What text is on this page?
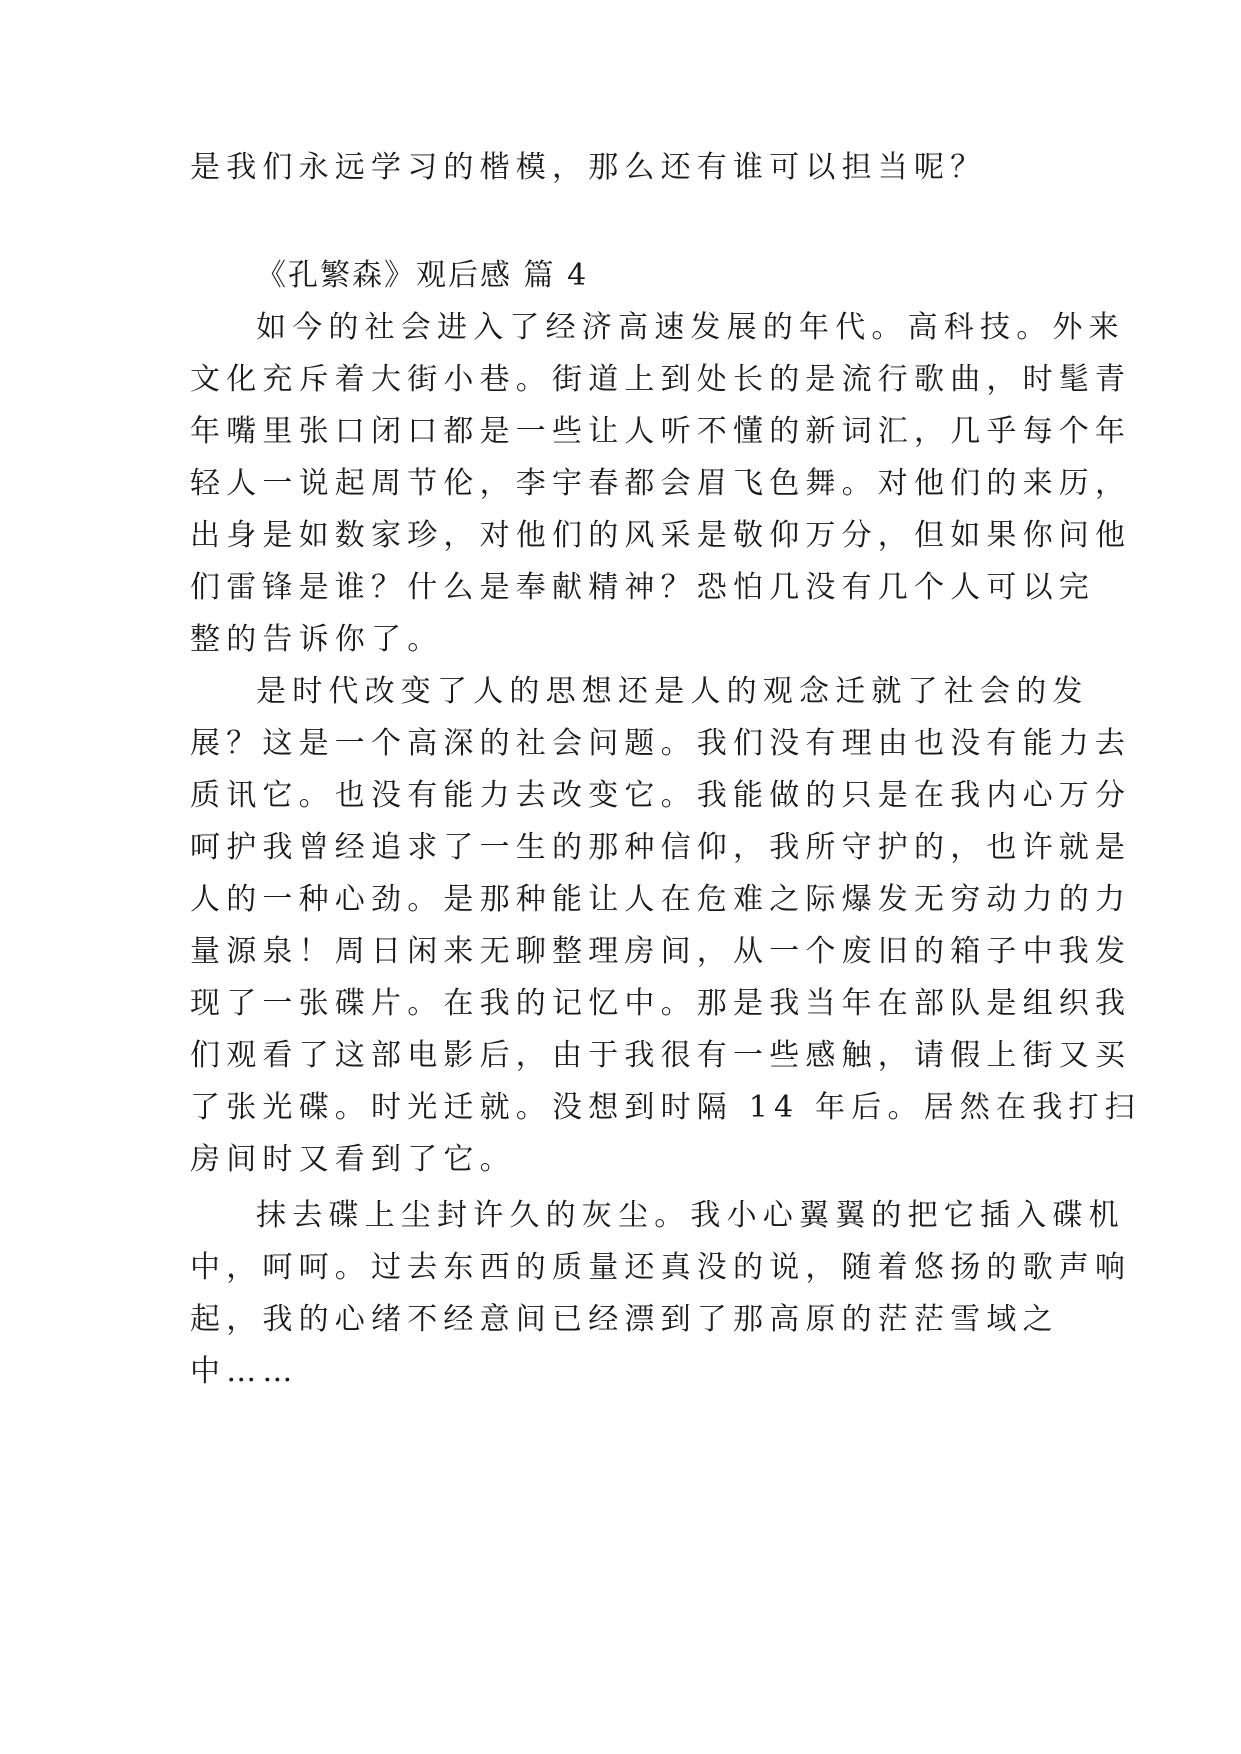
是我们永远学习的楷模，那么还有谁可以担当呢？

《孔繁森》观后感 篇 4

如今的社会进入了经济高速发展的年代。高科技。外来

文化充斥着大街小巷。街道上到处长的是流行歌曲，时髦青

年嘴里张口闭口都是一些让人听不懂的新词汇，几乎每个年

轻人一说起周节伦，李宇春都会眉飞色舞。对他们的来历，

出身是如数家珍，对他们的风采是敬仰万分，但如果你问他

们雷锋是谁？什么是奉献精神？恐怕几没有几个人可以完

整的告诉你了。

是时代改变了人的思想还是人的观念迁就了社会的发

展？这是一个高深的社会问题。我们没有理由也没有能力去

质讯它。也没有能力去改变它。我能做的只是在我内心万分

呵护我曾经追求了一生的那种信仰，我所守护的，也许就是

人的一种心劲。是那种能让人在危难之际爆发无穷动力的力

量源泉！周日闲来无聊整理房间，从一个废旧的箱子中我发

现了一张碟片。在我的记忆中。那是我当年在部队是组织我

们观看了这部电影后，由于我很有一些感触，请假上街又买

了张光碟。时光迁就。没想到时隔 14 年后。居然在我打扫

房间时又看到了它。

抹去碟上尘封许久的灰尘。我小心翼翼的把它插入碟机

中，呵呵。过去东西的质量还真没的说，随着悠扬的歌声响

起，我的心绪不经意间已经漂到了那高原的茫茫雪域之

中……
